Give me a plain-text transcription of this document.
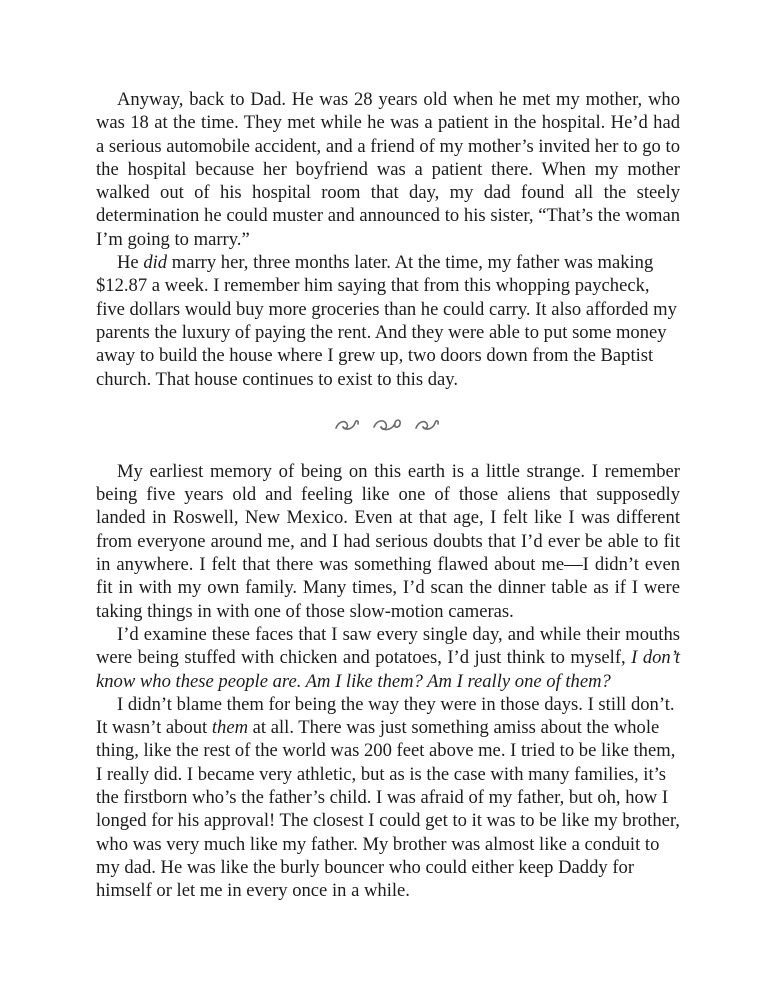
Anyway, back to Dad. He was 28 years old when he met my mother, who was 18 at the time. They met while he was a patient in the hospital. He’d had a serious automobile accident, and a friend of my mother’s invited her to go to the hospital because her boyfriend was a patient there. When my mother walked out of his hospital room that day, my dad found all the steely determination he could muster and announced to his sister, “That’s the woman I’m going to marry.”

He did marry her, three months later. At the time, my father was making $12.87 a week. I remember him saying that from this whopping paycheck, five dollars would buy more groceries than he could carry. It also afforded my parents the luxury of paying the rent. And they were able to put some money away to build the house where I grew up, two doors down from the Baptist church. That house continues to exist to this day.

My earliest memory of being on this earth is a little strange. I remember being five years old and feeling like one of those aliens that supposedly landed in Roswell, New Mexico. Even at that age, I felt like I was different from everyone around me, and I had serious doubts that I’d ever be able to fit in anywhere. I felt that there was something flawed about me—I didn’t even fit in with my own family. Many times, I’d scan the dinner table as if I were taking things in with one of those slow-motion cameras.

I’d examine these faces that I saw every single day, and while their mouths were being stuffed with chicken and potatoes, I’d just think to myself, I don’t know who these people are. Am I like them? Am I really one of them?

I didn’t blame them for being the way they were in those days. I still don’t. It wasn’t about them at all. There was just something amiss about the whole thing, like the rest of the world was 200 feet above me. I tried to be like them, I really did. I became very athletic, but as is the case with many families, it’s the firstborn who’s the father’s child. I was afraid of my father, but oh, how I longed for his approval! The closest I could get to it was to be like my brother, who was very much like my father. My brother was almost like a conduit to my dad. He was like the burly bouncer who could either keep Daddy for himself or let me in every once in a while.
